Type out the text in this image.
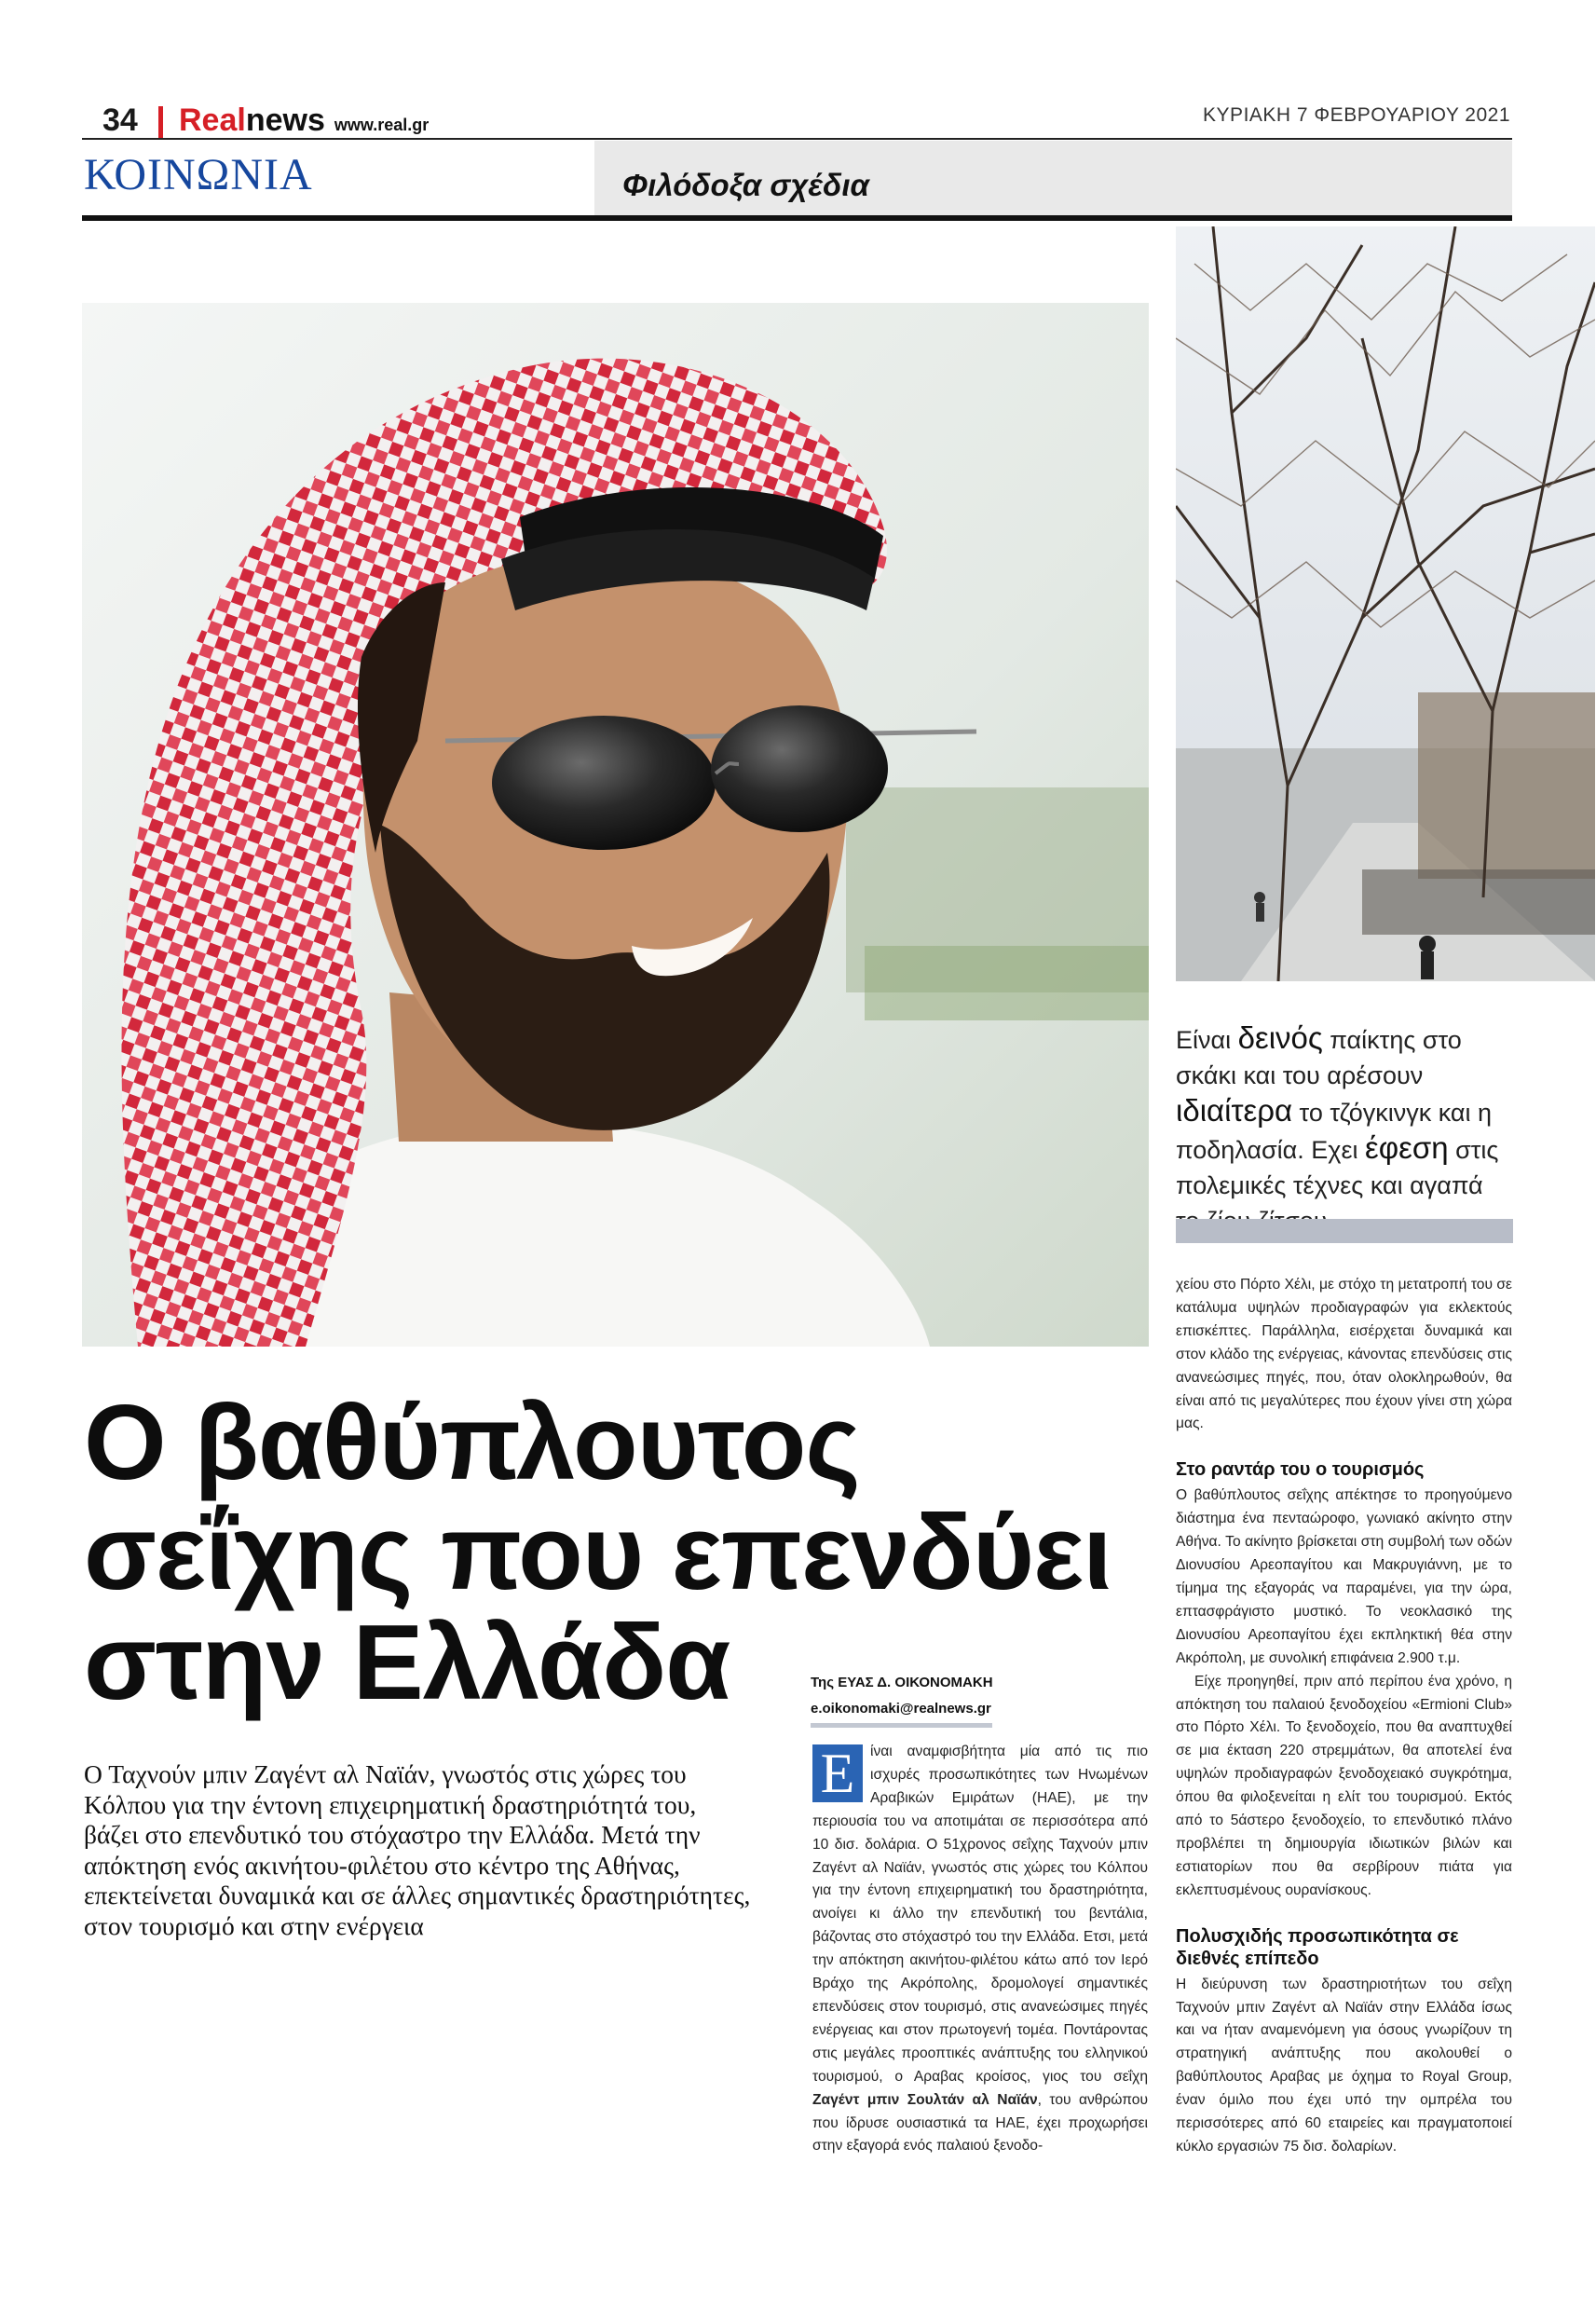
34 Realnews www.real.gr	ΚΥΡΙΑΚΗ 7 ΦΕΒΡΟΥΑΡΙΟΥ 2021
ΚΟΙΝΩΝΙΑ	Φιλόδοξα σχέδια
Είναι δεινός παίκτης στο σκάκι και του αρέσουν ιδιαίτερα το τζόγκινγκ και η ποδηλασία. Εχει έφεση στις πολεμικές τέχνες και αγαπά
Ο βαθύπλουτος
σεΐχης που επενδύει
στην Ελλάδα	Της ΕΥΑΣ Δ. ΟΙΚΟΝΟΜΑΚΗ
e.oikonomaki@realnews.gr
Ο Ταχνούν μπιν Ζαγέντ αλ Ναϊάν, γνωστός στις χώρες του Κόλπου για την έντονη επιχειρηματική δραστηριότητά του, βάζει στο επενδυτικό του στόχαστρο την Ελλάδα. Μετά την απόκτηση ενός ακινήτου-φιλέτου στο κέντρο της Αθήνας, επεκτείνεται δυναμικά και σε άλλες σημαντικές δραστηριότητες, στον τουρισμό και στην ενέργεια

Ε	ίναι αναμφισβήτητα μία από τις πιο ισχυρές προσωπικότητες των Ηνωμένων Αραβικών Εμιράτων (ΗΑΕ), με την περιουσία του να αποτιμάται σε περισσότερα από 10 δισ. δολάρια. Ο 51χρονος σεΐχης Ταχνούν μπιν Ζαγέντ αλ Ναϊάν, γνωστός στις χώρες του Κόλπου για την έντονη επιχειρηματική του δραστηριότητα, ανοίγει κι άλλο την επενδυτική του βεντάλια, βάζοντας στο στόχαστρό του την Ελλάδα. Ετσι, μετά την απόκτηση ακινήτου-φιλέτου κάτω από τον Ιερό Βράχο της Ακρόπολης, δρομολογεί σημαντικές επενδύσεις στον τουρισμό, στις ανανεώσιμες πηγές ενέργειας και στον πρωτογενή τομέα. Ποντάροντας στις μεγάλες προοπτικές ανάπτυξης του ελληνικού τουρισμού, ο Αραβας κροίσος, γιος του σεΐχη Ζαγέντ μπιν Σουλτάν αλ Ναϊάν, του ανθρώπου που ίδρυσε ουσιαστικά τα ΗΑΕ, έχει προχωρήσει στην εξαγορά ενός παλαιού ξενοδο-

χείου στο Πόρτο Χέλι, με στόχο τη μετατροπή του σε κατάλυμα υψηλών προδιαγραφών για εκλεκτούς επισκέπτες. Παράλληλα, εισέρχεται δυναμικά και στον κλάδο της ενέργειας, κάνοντας επενδύσεις στις ανανεώσιμες πηγές, που, όταν ολοκληρωθούν, θα είναι από τις μεγαλύτερες που έχουν γίνει στη χώρα μας.

Στο ραντάρ του ο τουρισμός

Ο βαθύπλουτος σεΐχης απέκτησε το προηγούμενο διάστημα ένα πενταώροφο, γωνιακό ακίνητο στην Αθήνα. Το ακίνητο βρίσκεται στη συμβολή των οδών Διονυσίου Αρεοπαγίτου και Μακρυγιάννη, με το τίμημα της εξαγοράς να παραμένει, για την ώρα, επτασφράγιστο μυστικό. Το νεοκλασικό της Διονυσίου Αρεοπαγίτου έχει εκπληκτική θέα στην Ακρόπολη, με συνολική επιφάνεια 2.900 τ.μ.

Είχε προηγηθεί, πριν από περίπου ένα χρόνο, η απόκτηση του παλαιού ξενοδοχείου «Ermioni Club» στο Πόρτο Χέλι. Το ξενοδοχείο, που θα αναπτυχθεί σε μια έκταση 220 στρεμμάτων, θα αποτελεί ένα υψηλών προδιαγραφών ξενοδοχειακό συγκρότημα, όπου θα φιλοξενείται η ελίτ του τουρισμού. Εκτός από το 5άστερο ξενοδοχείο, το επενδυτικό πλάνο προβλέπει τη δημιουργία ιδιωτικών βιλών και εστιατορίων που θα σερβίρουν πιάτα για εκλεπτυσμένους ουρανίσκους.

Πολυσχιδής προσωπικότητα σε διεθνές επίπεδο

Η διεύρυνση των δραστηριοτήτων του σεΐχη Ταχνούν μπιν Ζαγέντ αλ Ναϊάν στην Ελλάδα ίσως και να ήταν αναμενόμενη για όσους γνωρίζουν τη στρατηγική ανάπτυξης που ακολουθεί ο βαθύπλουτος Αραβας με όχημα το Royal Group, έναν όμιλο που έχει υπό την ομπρέλα του περισσότερες από 60 εταιρείες και πραγματοποιεί κύκλο εργασιών 75 δισ. δολαρίων.
